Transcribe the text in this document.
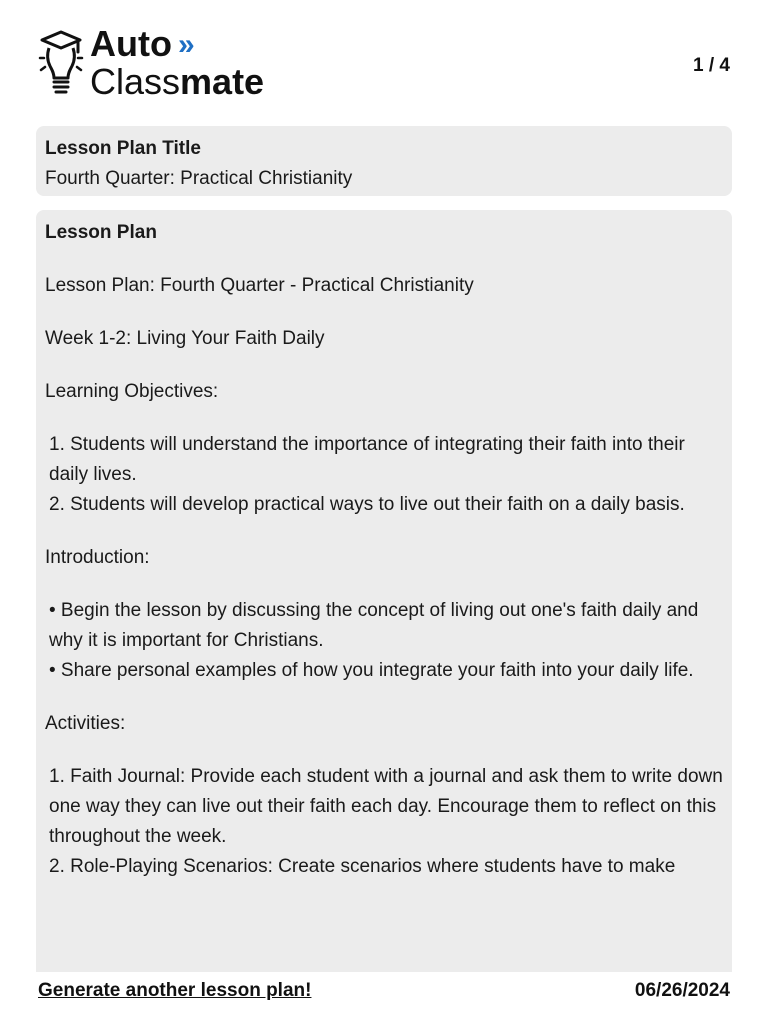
Auto »
Classmate	1 / 4
Lesson Plan Title
Fourth Quarter: Practical Christianity

Lesson Plan

Lesson Plan: Fourth Quarter - Practical Christianity

Week 1-2: Living Your Faith Daily

Learning Objectives:

1. Students will understand the importance of integrating their faith into their daily lives.
2. Students will develop practical ways to live out their faith on a daily basis.

Introduction:

• Begin the lesson by discussing the concept of living out one's faith daily and why it is important for Christians.
• Share personal examples of how you integrate your faith into your daily life.

Activities:

1. Faith Journal: Provide each student with a journal and ask them to write down one way they can live out their faith each day. Encourage them to reflect on this throughout the week.
2. Role-Playing Scenarios: Create scenarios where students have to make
Generate another lesson plan!	06/26/2024
